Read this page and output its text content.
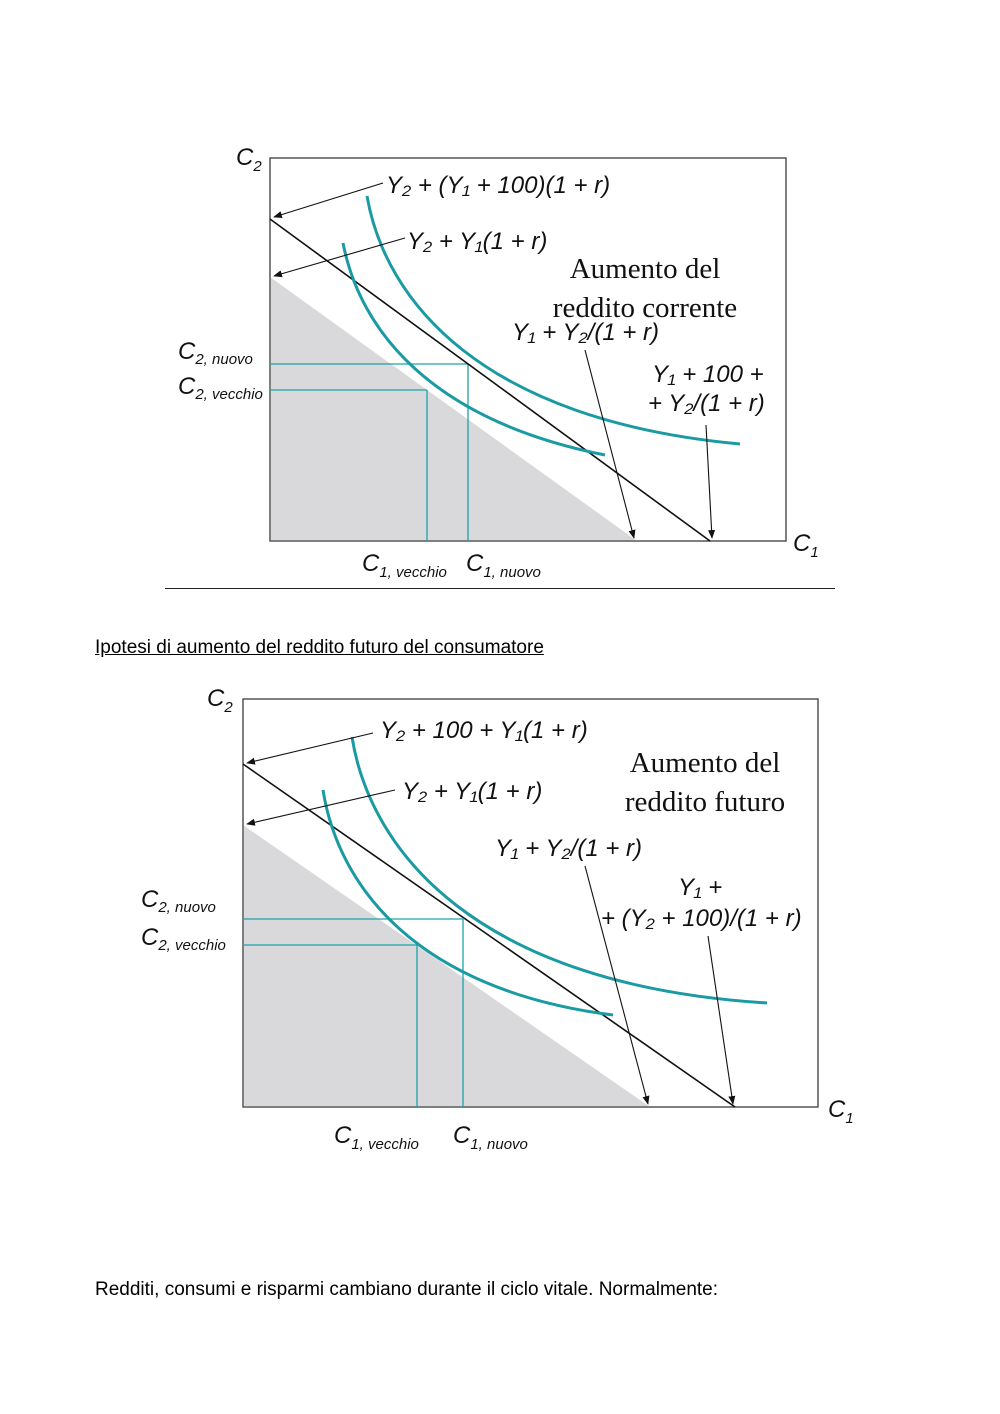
$C_2$
$C_1$
$C_{2, nuovo}$
$C_{2, vecchio}$
$C_{1, vecchio}$ $C_{1, nuovo}$
Y₂ + (Y₁ + 100)(1 + r)
Y₂ + Y₁(1 + r)
Y₁ + Y₂/(1 + r)
Y₁ + 100 +
+ Y₂/(1 + r)
Aumento del
reddito corrente

Ipotesi di aumento del reddito futuro del consumatore

$C_2$
$C_1$
$C_{2, nuovo}$
$C_{2, vecchio}$
$C_{1, vecchio}$ $C_{1, nuovo}$
Y₂ + 100 + Y₁(1 + r)
Y₂ + Y₁(1 + r)
Y₁ + Y₂/(1 + r)
Y₁ +
+ (Y₂ + 100)/(1 + r)
Aumento del
reddito futuro

Redditi, consumi e risparmi cambiano durante il ciclo vitale. Normalmente:
